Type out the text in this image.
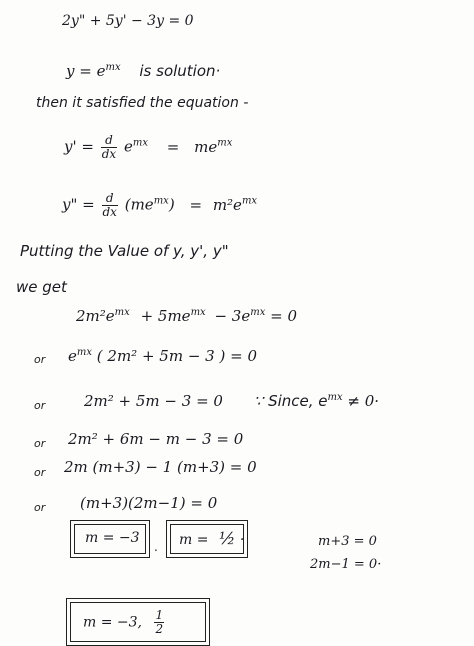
2y" + 5y' − 3y = 0
$y = e^{mx}$ is solution·
then it satisfied the equation -
$y' = \frac{d}{dx} e^{mx} = me^{mx}$
y" = $\frac{d}{dx} (me^{mx}) = m^2e^{mx}$
Putting the Value of y, y', y"
we get
$2m^2e^{mx} + 5me^{mx} - 3e^{mx} = 0$
or $e^{mx}$ ( 2m² + 5m − 3 ) = 0
or	2m² + 5m − 3 = 0 ∵ Since, $e^{mx} \ne 0\cdot$
or 2m² + 6m − m − 3 = 0
or 2m (m+3) − 1 (m+3) = 0
or (m+3)(2m−1) = 0
m = −3
. m = ½ ·	m+3 = 0
2m−1 = 0·
m = −3, $\frac{1}{2}$
